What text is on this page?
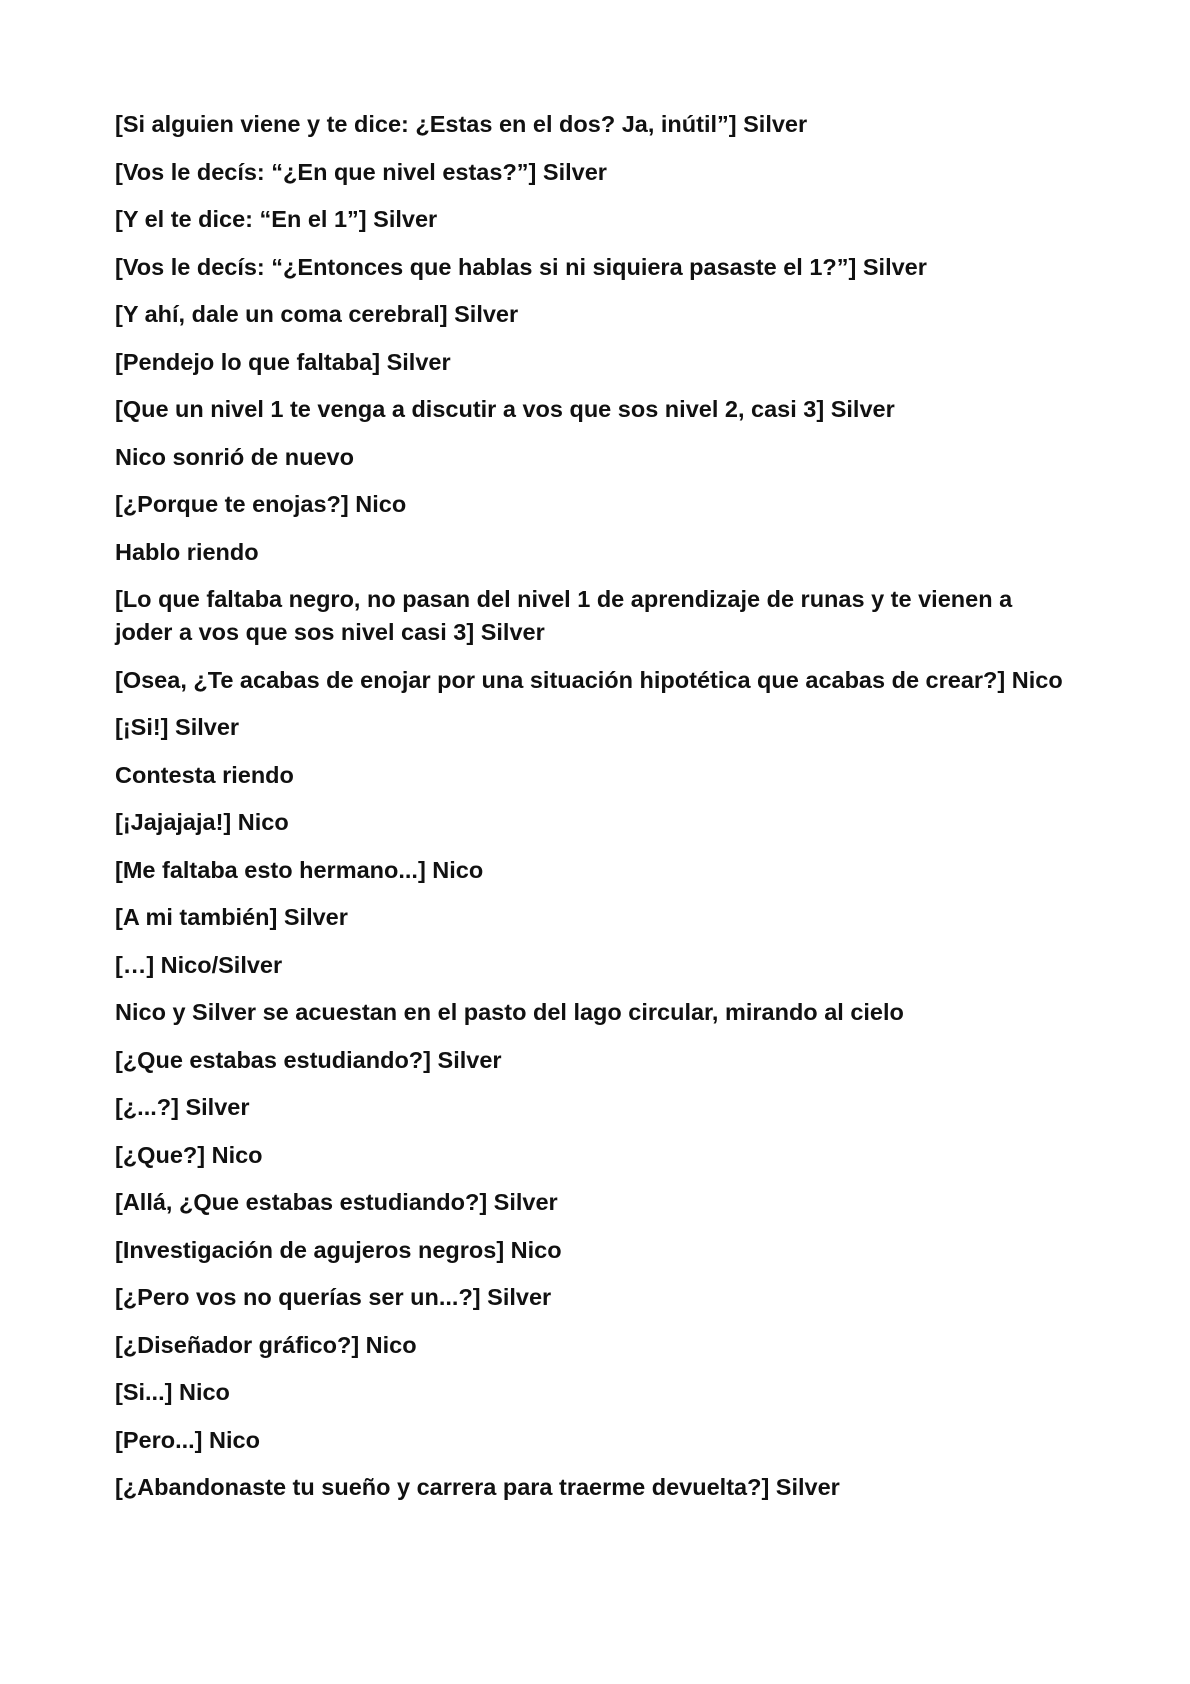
[Si alguien viene y te dice: ¿Estas en el dos? Ja, inútil”] Silver

[Vos le decís: “¿En que nivel estas?”] Silver

[Y el te dice: “En el 1”] Silver

[Vos le decís: “¿Entonces que hablas si ni siquiera pasaste el 1?”] Silver

[Y ahí, dale un coma cerebral] Silver

[Pendejo lo que faltaba] Silver

[Que un nivel 1 te venga a discutir a vos que sos nivel 2, casi 3] Silver

Nico sonrió de nuevo

[¿Porque te enojas?] Nico

Hablo riendo

[Lo que faltaba negro, no pasan del nivel 1 de aprendizaje de runas y te vienen a joder a vos que sos nivel casi 3] Silver

[Osea, ¿Te acabas de enojar por una situación hipotética que acabas de crear?] Nico

[¡Si!] Silver

Contesta riendo

[¡Jajajaja!] Nico

[Me faltaba esto hermano...] Nico

[A mi también] Silver

[…] Nico/Silver

Nico y Silver se acuestan en el pasto del lago circular, mirando al cielo

[¿Que estabas estudiando?] Silver

[¿...?] Silver

[¿Que?] Nico

[Allá, ¿Que estabas estudiando?] Silver

[Investigación de agujeros negros] Nico

[¿Pero vos no querías ser un...?] Silver

[¿Diseñador gráfico?] Nico

[Si...] Nico

[Pero...] Nico

[¿Abandonaste tu sueño y carrera para traerme devuelta?] Silver
